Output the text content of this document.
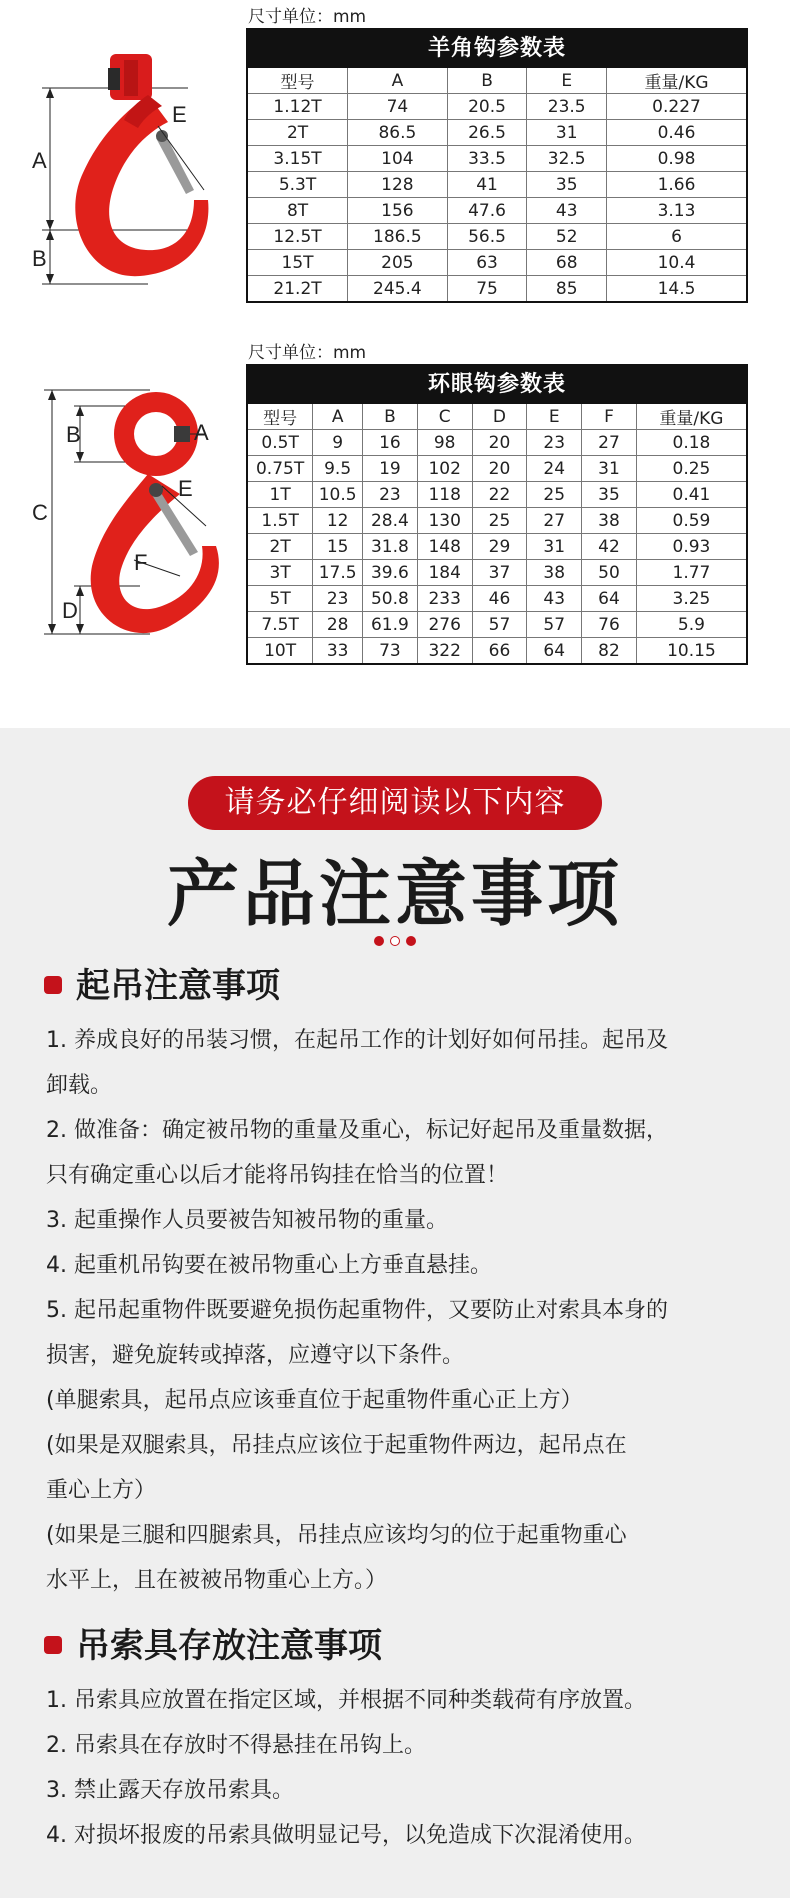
E
A
B
尺寸单位：mm
羊角钩参数表
型号	A	B	E	重量/KG
1.12T	74	20.5	23.5	0.227
2T	86.5	26.5	31	0.46
3.15T	104	33.5	32.5	0.98
5.3T	128	41	35	1.66
8T	156	47.6	43	3.13
12.5T	186.5	56.5	52	6
15T	205	63	68	10.4
21.2T	245.4	75	85	14.5
A
B
C
D
E
F
尺寸单位：mm
环眼钩参数表
型号	A	B	C	D	E	F	重量/KG
0.5T	9	16	98	20	23	27	0.18
0.75T	9.5	19	102	20	24	31	0.25
1T	10.5	23	118	22	25	35	0.41
1.5T	12	28.4	130	25	27	38	0.59
2T	15	31.8	148	29	31	42	0.93
3T	17.5	39.6	184	37	38	50	1.77
5T	23	50.8	233	46	43	64	3.25
7.5T	28	61.9	276	57	57	76	5.9
10T	33	73	322	66	64	82	10.15
请务必仔细阅读以下内容
产品注意事项
起吊注意事项

1. 养成良好的吊装习惯，在起吊工作的计划好如何吊挂。起吊及

卸载。

2. 做准备：确定被吊物的重量及重心，标记好起吊及重量数据，

只有确定重心以后才能将吊钩挂在恰当的位置！

3. 起重操作人员要被告知被吊物的重量。

4. 起重机吊钩要在被吊物重心上方垂直悬挂。

5. 起吊起重物件既要避免损伤起重物件，又要防止对索具本身的

损害，避免旋转或掉落，应遵守以下条件。

(单腿索具，起吊点应该垂直位于起重物件重心正上方）

(如果是双腿索具，吊挂点应该位于起重物件两边，起吊点在

重心上方）

(如果是三腿和四腿索具，吊挂点应该均匀的位于起重物重心

水平上，且在被被吊物重心上方。）

吊索具存放注意事项

1. 吊索具应放置在指定区域，并根据不同种类载荷有序放置。

2. 吊索具在存放时不得悬挂在吊钩上。

3. 禁止露天存放吊索具。

4. 对损坏报废的吊索具做明显记号，以免造成下次混淆使用。
